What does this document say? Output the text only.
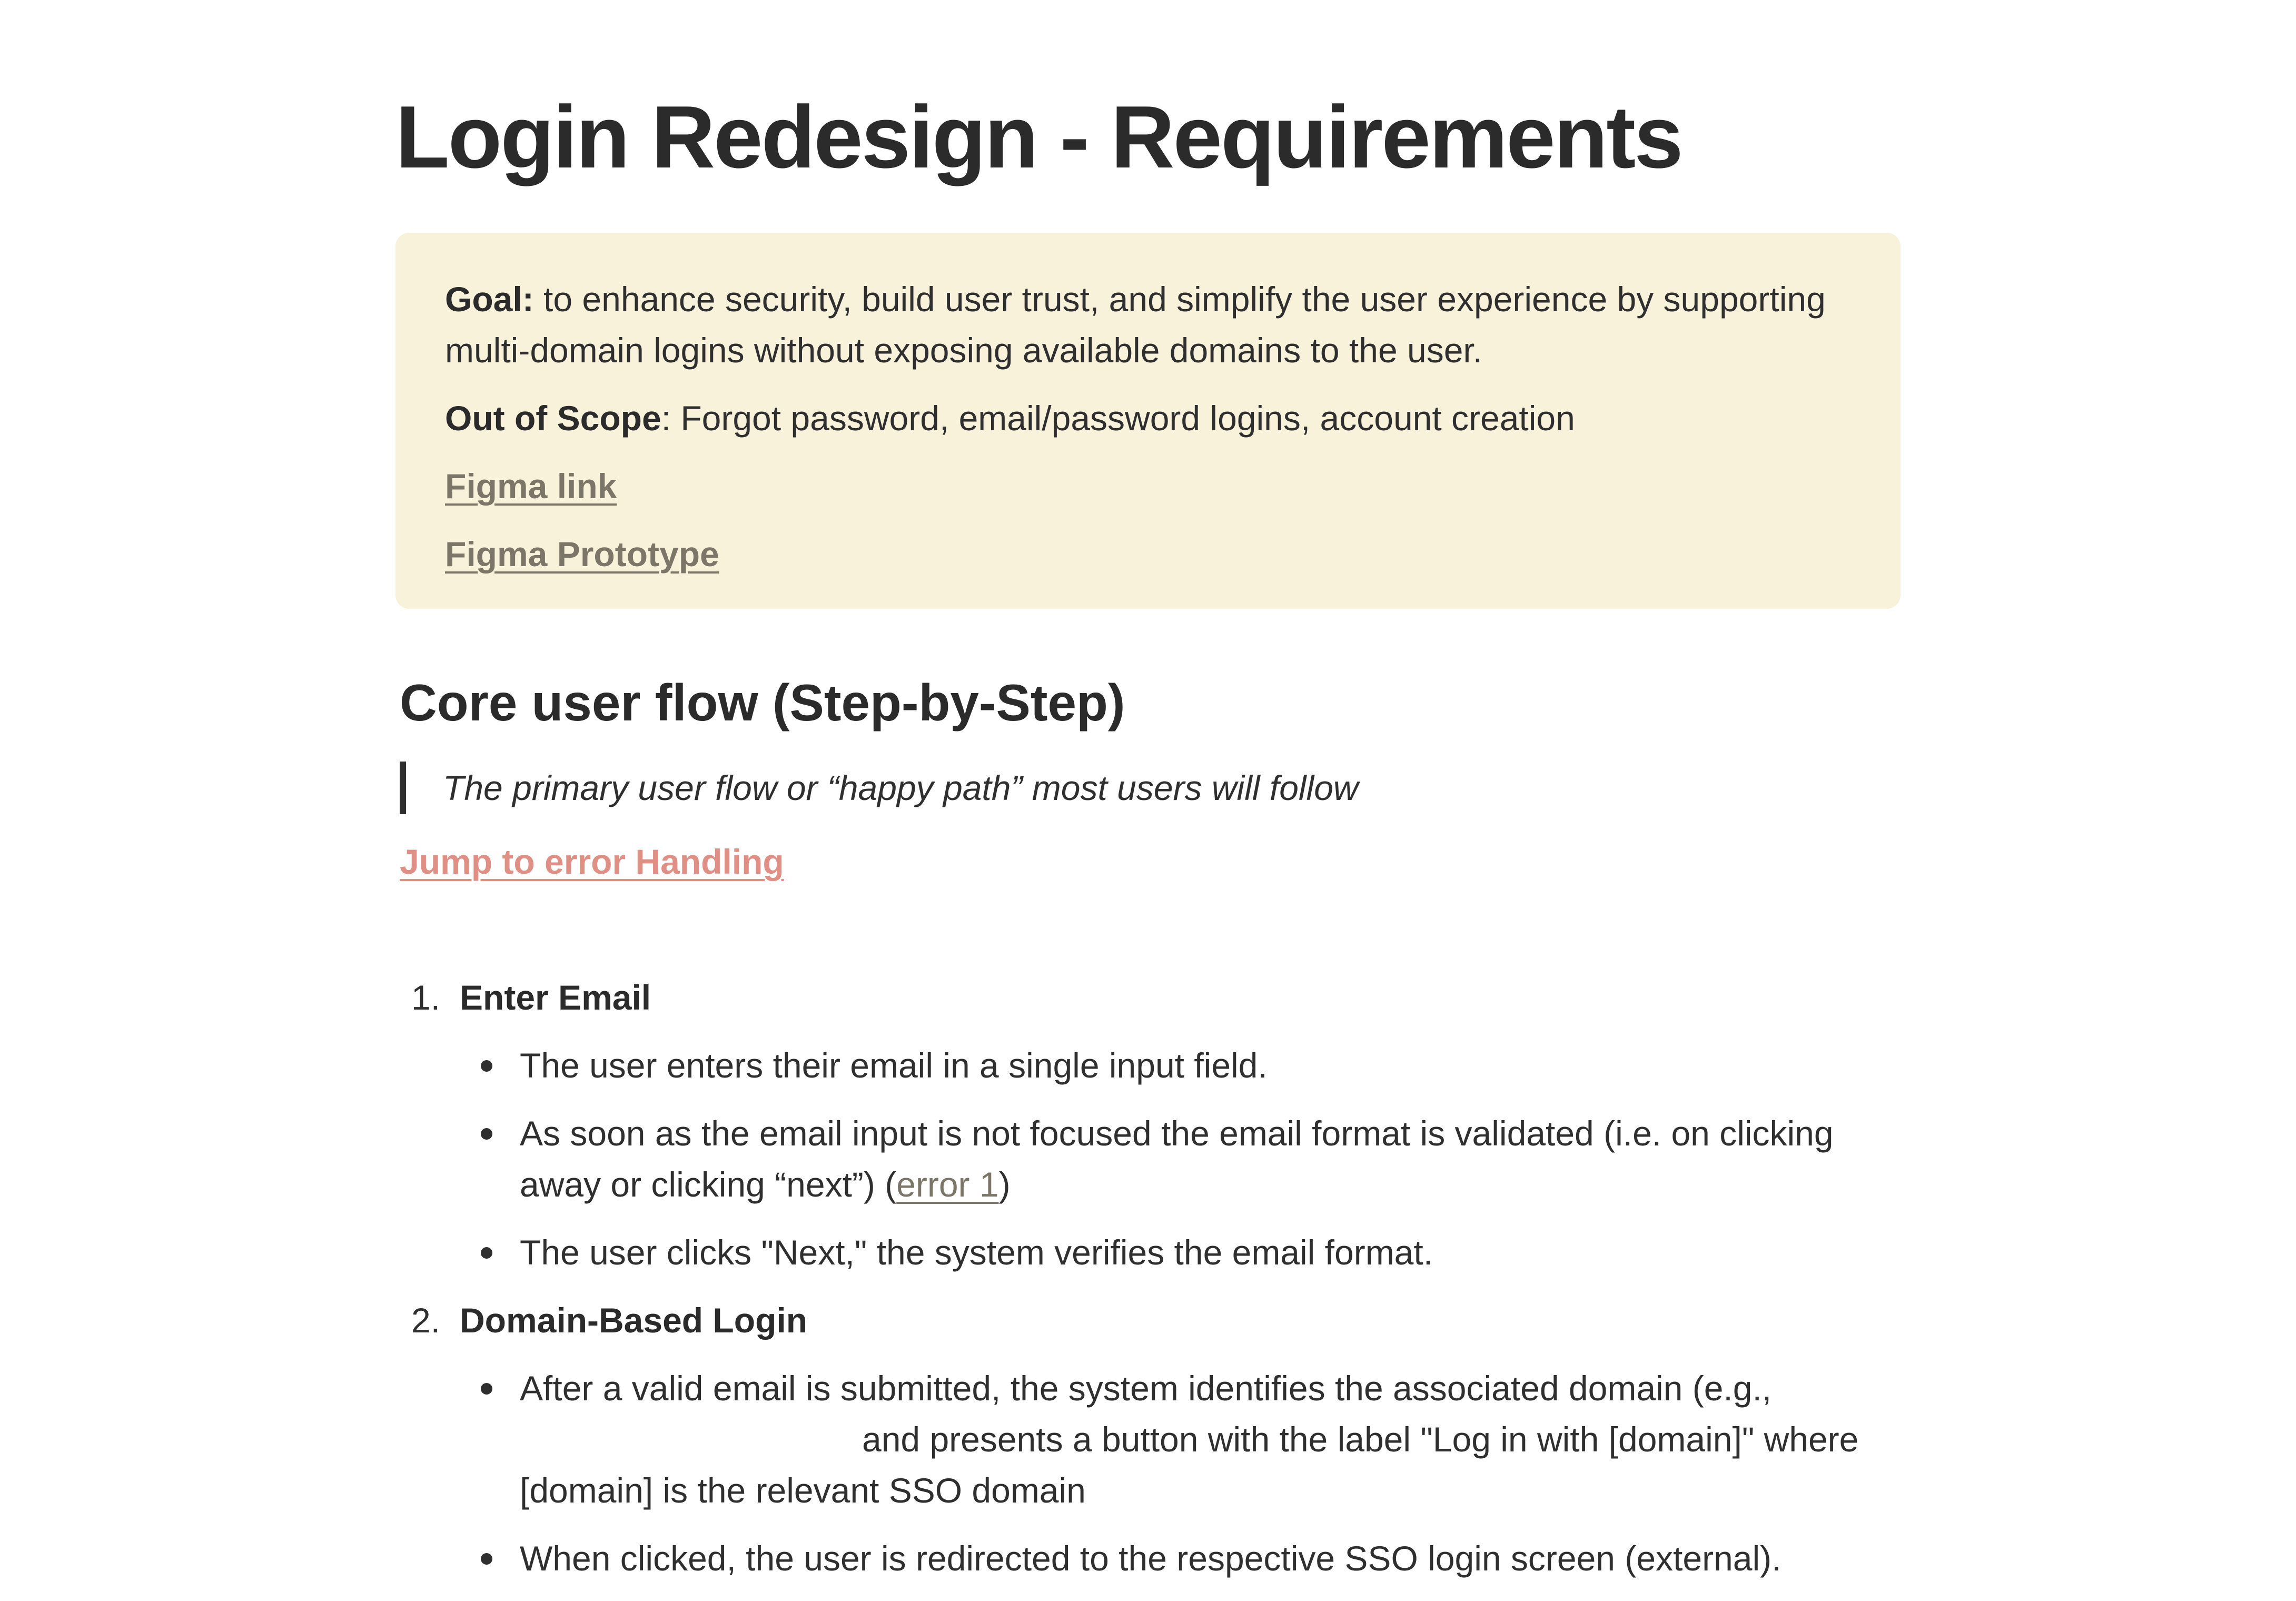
Login Redesign - Requirements

Goal: to enhance security, build user trust, and simplify the user experience by supporting multi-domain logins without exposing available domains to the user.

Out of Scope: Forgot password, email/password logins, account creation

Figma link

Figma Prototype

Core user flow (Step-by-Step)
The primary user flow or “happy path” most users will follow
Jump to error Handling
1. Enter Email
The user enters their email in a single input field.
As soon as the email input is not focused the email format is validated (i.e. on clicking away or clicking “next”) (error 1)
The user clicks "Next," the system verifies the email format.
2. Domain-Based Login
After a valid email is submitted, the system identifies the associated domain (e.g.,
and presents a button with the label "Log in with [domain]" where [domain] is the relevant SSO domain
When clicked, the user is redirected to the respective SSO login screen (external).
